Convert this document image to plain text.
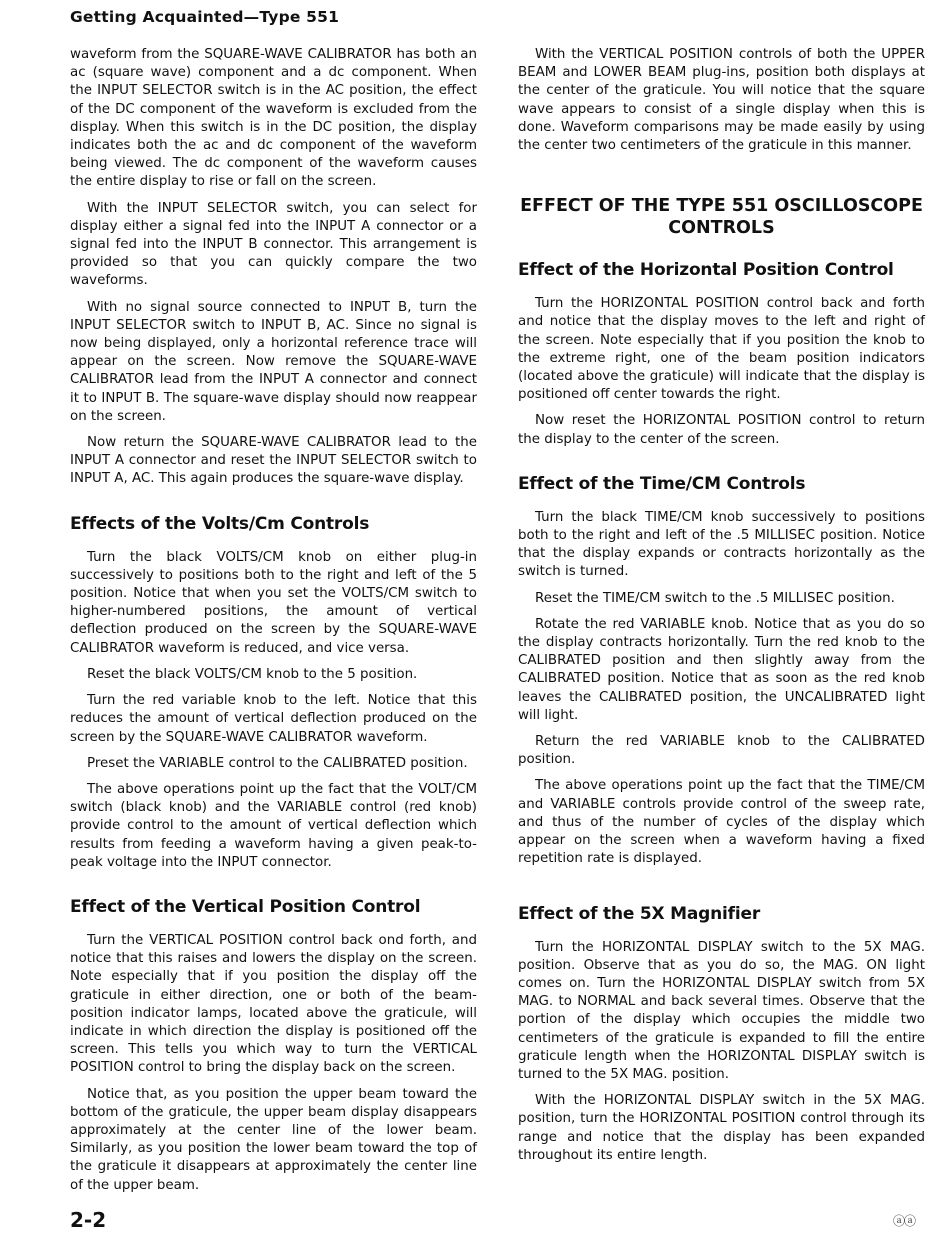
Getting Acquainted—Type 551

waveform from the SQUARE-WAVE CALIBRATOR has both an ac (square wave) component and a dc component. When the INPUT SELECTOR switch is in the AC position, the effect of the DC component of the waveform is excluded from the display. When this switch is in the DC position, the display indicates both the ac and dc component of the waveform being viewed. The dc component of the waveform causes the entire display to rise or fall on the screen.

With the INPUT SELECTOR switch, you can select for display either a signal fed into the INPUT A connector or a signal fed into the INPUT B connector. This arrangement is provided so that you can quickly compare the two waveforms.

With no signal source connected to INPUT B, turn the INPUT SELECTOR switch to INPUT B, AC. Since no signal is now being displayed, only a horizontal reference trace will appear on the screen. Now remove the SQUARE-WAVE CALIBRATOR lead from the INPUT A connector and connect it to INPUT B. The square-wave display should now reappear on the screen.

Now return the SQUARE-WAVE CALIBRATOR lead to the INPUT A connector and reset the INPUT SELECTOR switch to INPUT A, AC. This again produces the square-wave display.

Effects of the Volts/Cm Controls

Turn the black VOLTS/CM knob on either plug-in successively to positions both to the right and left of the 5 position. Notice that when you set the VOLTS/CM switch to higher-numbered positions, the amount of vertical deflection produced on the screen by the SQUARE-WAVE CALIBRATOR waveform is reduced, and vice versa.

Reset the black VOLTS/CM knob to the 5 position.

Turn the red variable knob to the left. Notice that this reduces the amount of vertical deflection produced on the screen by the SQUARE-WAVE CALIBRATOR waveform.

Preset the VARIABLE control to the CALIBRATED position.

The above operations point up the fact that the VOLT/CM switch (black knob) and the VARIABLE control (red knob) provide control to the amount of vertical deflection which results from feeding a waveform having a given peak-to-peak voltage into the INPUT connector.

Effect of the Vertical Position Control

Turn the VERTICAL POSITION control back ond forth, and notice that this raises and lowers the display on the screen. Note especially that if you position the display off the graticule in either direction, one or both of the beam-position indicator lamps, located above the graticule, will indicate in which direction the display is positioned off the screen. This tells you which way to turn the VERTICAL POSITION control to bring the display back on the screen.

Notice that, as you position the upper beam toward the bottom of the graticule, the upper beam display disappears approximately at the center line of the lower beam. Similarly, as you position the lower beam toward the top of the graticule it disappears at approximately the center line of the upper beam.

With the VERTICAL POSITION controls of both the UPPER BEAM and LOWER BEAM plug-ins, position both displays at the center of the graticule. You will notice that the square wave appears to consist of a single display when this is done. Waveform comparisons may be made easily by using the center two centimeters of the graticule in this manner.

EFFECT OF THE TYPE 551 OSCILLOSCOPE
CONTROLS
Effect of the Horizontal Position Control

Turn the HORIZONTAL POSITION control back and forth and notice that the display moves to the left and right of the screen. Note especially that if you position the knob to the extreme right, one of the beam position indicators (located above the graticule) will indicate that the display is positioned off center towards the right.

Now reset the HORIZONTAL POSITION control to return the display to the center of the screen.

Effect of the Time/CM Controls

Turn the black TIME/CM knob successively to positions both to the right and left of the .5 MILLISEC position. Notice that the display expands or contracts horizontally as the switch is turned.

Reset the TIME/CM switch to the .5 MILLISEC position.

Rotate the red VARIABLE knob. Notice that as you do so the display contracts horizontally. Turn the red knob to the CALIBRATED position and then slightly away from the CALIBRATED position. Notice that as soon as the red knob leaves the CALIBRATED position, the UNCALIBRATED light will light.

Return the red VARIABLE knob to the CALIBRATED position.

The above operations point up the fact that the TIME/CM and VARIABLE controls provide control of the sweep rate, and thus of the number of cycles of the display which appear on the screen when a waveform having a fixed repetition rate is displayed.

Effect of the 5X Magnifier

Turn the HORIZONTAL DISPLAY switch to the 5X MAG. position. Observe that as you do so, the MAG. ON light comes on. Turn the HORIZONTAL DISPLAY switch from 5X MAG. to NORMAL and back several times. Observe that the portion of the display which occupies the middle two centimeters of the graticule is expanded to fill the entire graticule length when the HORIZONTAL DISPLAY switch is turned to the 5X MAG. position.

With the HORIZONTAL DISPLAY switch in the 5X MAG. position, turn the HORIZONTAL POSITION control through its range and notice that the display has been expanded throughout its entire length.

2-2	ⓐⓐ
